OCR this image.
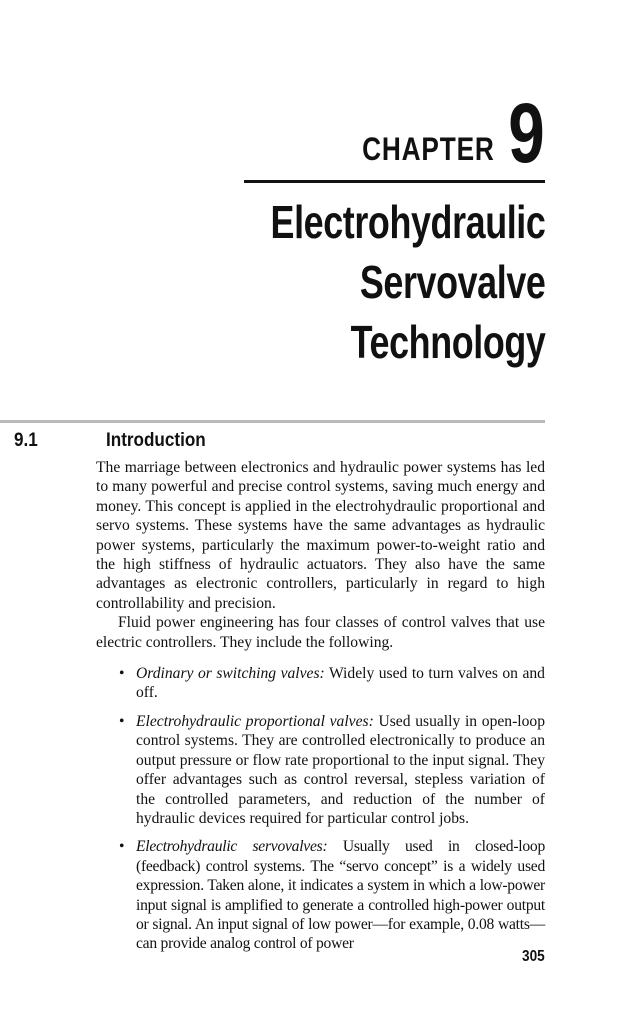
CHAPTER 9
Electrohydraulic
Servovalve
Technology
9.1	Introduction

The marriage between electronics and hydraulic power systems has led to many powerful and precise control systems, saving much energy and money. This concept is applied in the electrohydraulic proportional and servo systems. These systems have the same advantages as hydraulic power systems, particularly the maximum power-to-weight ratio and the high stiffness of hydraulic actuators. They also have the same advantages as electronic controllers, particularly in regard to high controllability and precision.

Fluid power engineering has four classes of control valves that use electric controllers. They include the following.

• Ordinary or switching valves: Widely used to turn valves on and off.
• Electrohydraulic proportional valves: Used usually in open-loop control systems. They are controlled electronically to produce an output pressure or flow rate proportional to the input signal. They offer advantages such as control reversal, stepless variation of the controlled parameters, and reduction of the number of hydraulic devices required for particular control jobs.
• Electrohydraulic servovalves: Usually used in closed-loop (feedback) control systems. The “servo concept” is a widely used expression. Taken alone, it indicates a system in which a low-power input signal is amplified to generate a controlled high-power output or signal. An input signal of low power—for example, 0.08 watts—can provide analog control of power
305
